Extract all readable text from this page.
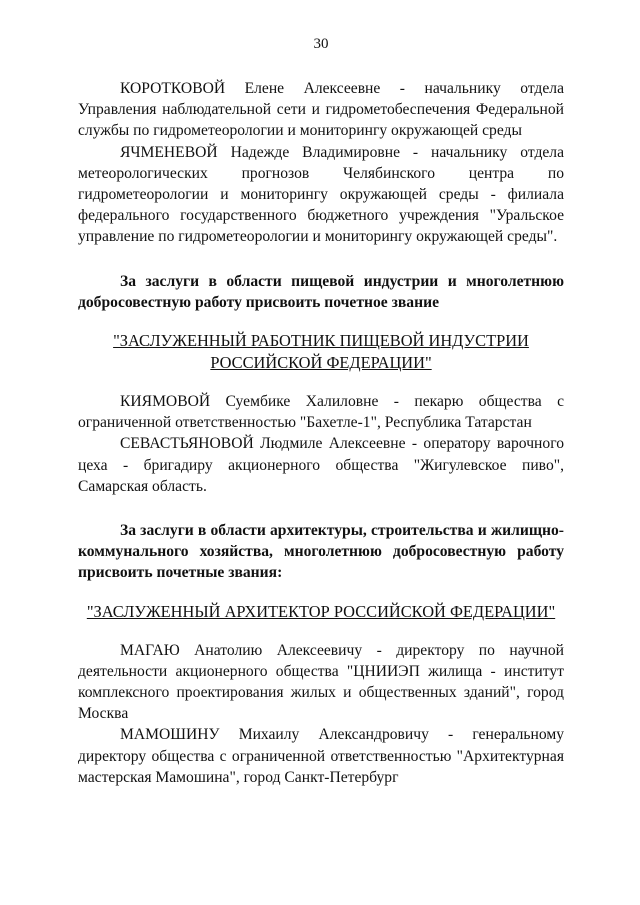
30

КОРОТКОВОЙ Елене Алексеевне - начальнику отдела Управления наблюдательной сети и гидрометобеспечения Федеральной службы по гидрометеорологии и мониторингу окружающей среды

ЯЧМЕНЕВОЙ Надежде Владимировне - начальнику отдела метеорологических прогнозов Челябинского центра по гидрометеорологии и мониторингу окружающей среды - филиала федерального государственного бюджетного учреждения "Уральское управление по гидрометеорологии и мониторингу окружающей среды".

За заслуги в области пищевой индустрии и многолетнюю добросовестную работу присвоить почетное звание

"ЗАСЛУЖЕННЫЙ РАБОТНИК ПИЩЕВОЙ ИНДУСТРИИ
РОССИЙСКОЙ ФЕДЕРАЦИИ"

КИЯМОВОЙ Суембике Халиловне - пекарю общества с ограниченной ответственностью "Бахетле-1", Республика Татарстан

СЕВАСТЬЯНОВОЙ Людмиле Алексеевне - оператору варочного цеха - бригадиру акционерного общества "Жигулевское пиво", Самарская область.

За заслуги в области архитектуры, строительства и жилищно-коммунального хозяйства, многолетнюю добросовестную работу присвоить почетные звания:

"ЗАСЛУЖЕННЫЙ АРХИТЕКТОР РОССИЙСКОЙ ФЕДЕРАЦИИ"

МАГАЮ Анатолию Алексеевичу - директору по научной деятельности акционерного общества "ЦНИИЭП жилища - институт комплексного проектирования жилых и общественных зданий", город Москва

МАМОШИНУ Михаилу Александровичу - генеральному директору общества с ограниченной ответственностью "Архитектурная мастерская Мамошина", город Санкт-Петербург
